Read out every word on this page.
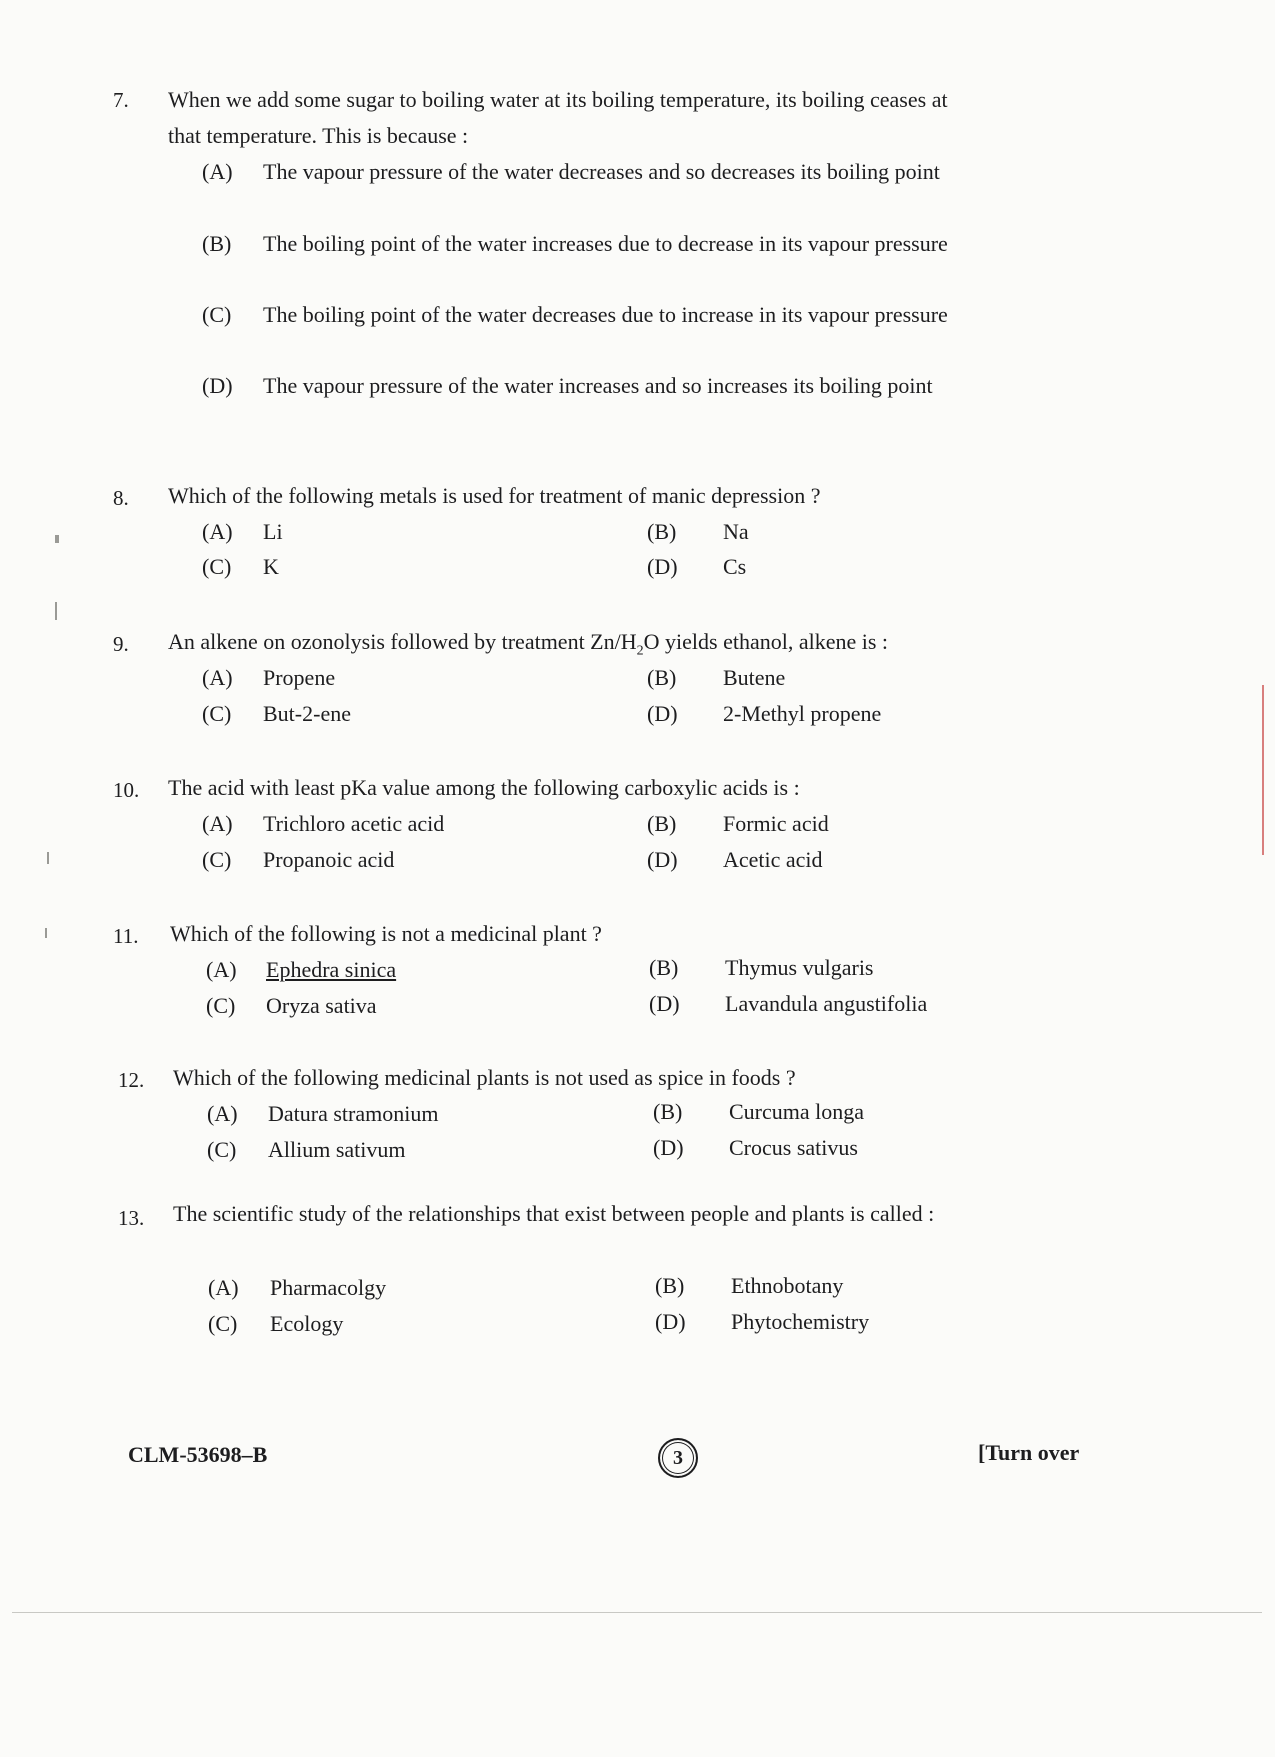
7. When we add some sugar to boiling water at its boiling temperature, its boiling ceases at that temperature. This is because :
(A)	The vapour pressure of the water decreases and so decreases its boiling point
(B)	The boiling point of the water increases due to decrease in its vapour pressure
(C)	The boiling point of the water decreases due to increase in its vapour pressure
(D)	The vapour pressure of the water increases and so increases its boiling point
8. Which of the following metals is used for treatment of manic depression ?
(A)	Li	(B)	Na
(C)	K	(D)	Cs
9. An alkene on ozonolysis followed by treatment $Zn/H_2O$ yields ethanol, alkene is :
(A)	Propene	(B)	Butene
(C)	But-2-ene	(D)	2-Methyl propene
10. The acid with least pKa value among the following carboxylic acids is :
(A)	Trichloro acetic acid	(B)	Formic acid
(C)	Propanoic acid	(D)	Acetic acid
11. Which of the following is not a medicinal plant ?
(A)	Ephedra sinica	(B)	Thymus vulgaris
(C)	Oryza sativa	(D)	Lavandula angustifolia
12. Which of the following medicinal plants is not used as spice in foods ?
(A)	Datura stramonium	(B)	Curcuma longa
(C)	Allium sativum	(D)	Crocus sativus
13. The scientific study of the relationships that exist between people and plants is called :
(A)	Pharmacolgy	(B)	Ethnobotany
(C)	Ecology	(D)	Phytochemistry
CLM-53698–B	3	[Turn over
